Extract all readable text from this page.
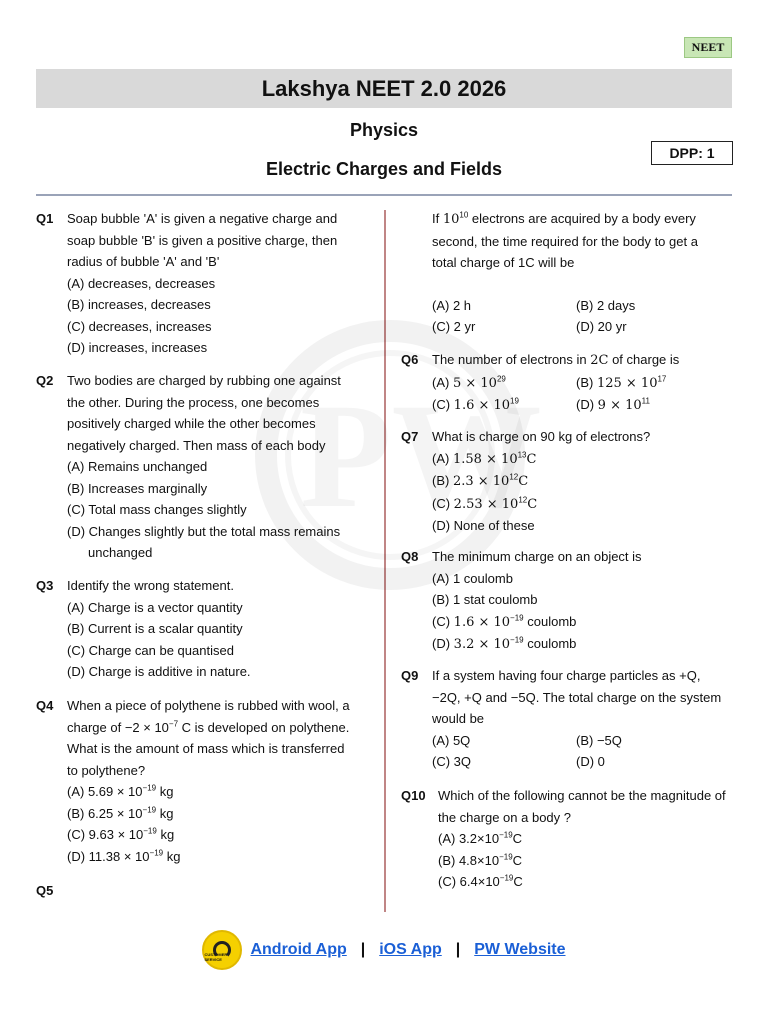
NEET
Lakshya NEET 2.0 2026
Physics
Electric Charges and Fields
DPP: 1
Q1 Soap bubble 'A' is given a negative charge and soap bubble 'B' is given a positive charge, then radius of bubble 'A' and 'B'
(A) decreases, decreases
(B) increases, decreases
(C) decreases, increases
(D) increases, increases
Q2 Two bodies are charged by rubbing one against the other. During the process, one becomes positively charged while the other becomes negatively charged. Then mass of each body
(A) Remains unchanged
(B) Increases marginally
(C) Total mass changes slightly
(D) Changes slightly but the total mass remains
unchanged
Q3 Identify the wrong statement.
(A) Charge is a vector quantity
(B) Current is a scalar quantity
(C) Charge can be quantised
(D) Charge is additive in nature.
Q4 When a piece of polythene is rubbed with wool, a charge of $-2 \times 10^{-7}$ C is developed on polythene. What is the amount of mass which is transferred to polythene?
(A) $5.69 \times 10^{-19}$ kg
(B) $6.25 \times 10^{-19}$ kg
(C) $9.63 \times 10^{-19}$ kg
(D) $11.38 \times 10^{-19}$ kg
Q5
If $10^{10}$ electrons are acquired by a body every second, the time required for the body to get a total charge of 1C will be
(A) 2 h	(B) 2 days
(C) 2 yr	(D) 20 yr
Q6 The number of electrons in 2C of charge is
(A) $5 \times 10^{29}$	(B) $125 \times 10^{17}$
(C) $1.6 \times 10^{19}$	(D) $9 \times 10^{11}$
Q7 What is charge on 90 kg of electrons?
(A) $1.58 \times 10^{13}C$
(B) $2.3 \times 10^{12}C$
(C) $2.53 \times 10^{12}C$
(D) None of these
Q8 The minimum charge on an object is
(A) 1 coulomb
(B) 1 stat coulomb
(C) $1.6 \times 10^{-19}$ coulomb
(D) $3.2 \times 10^{-19}$ coulomb
Q9 If a system having four charge particles as +Q, −2Q, +Q and −5Q. The total charge on the system would be
(A) 5Q	(B) −5Q
(C) 3Q	(D) 0
Q10 Which of the following cannot be the magnitude of the charge on a body ?
(A) $3.2\times 10^{-19}C$
(B) $4.8\times 10^{-19}C$
(C) $6.4\times 10^{-19}C$
CUSTOMER SERVICE
Android App | iOS App | PW Website
